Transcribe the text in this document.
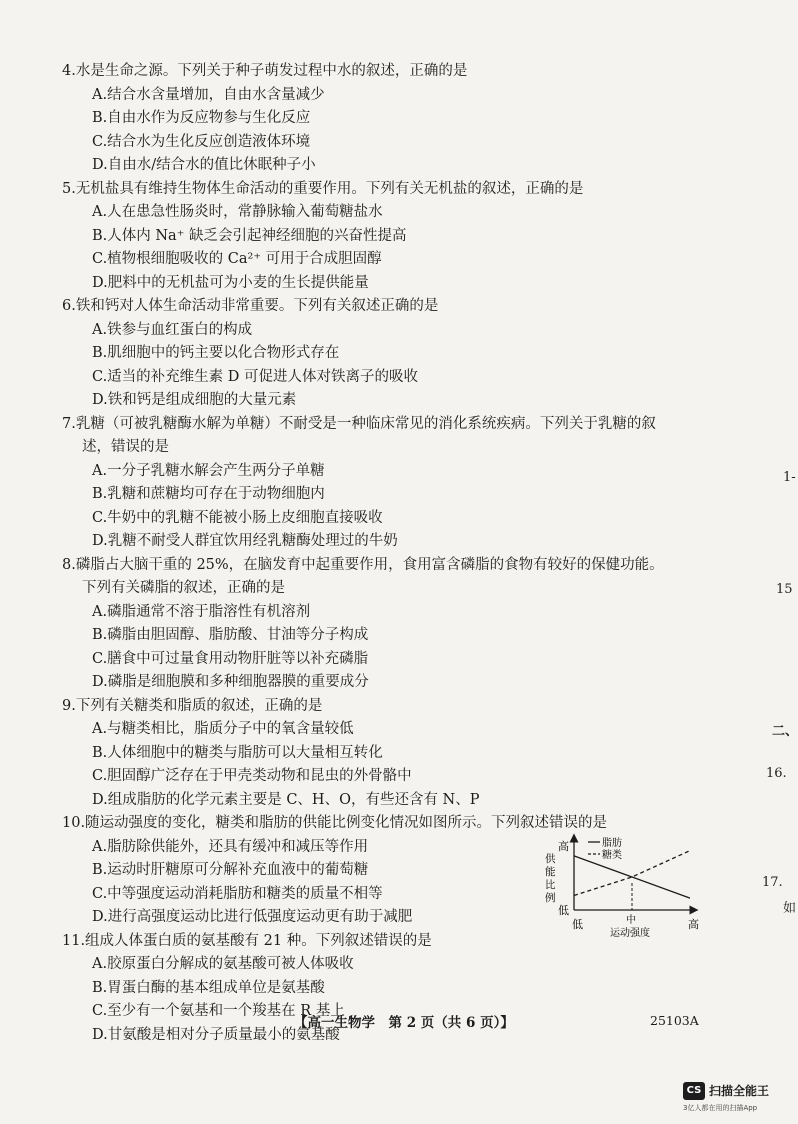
4.水是生命之源。下列关于种子萌发过程中水的叙述，正确的是
A.结合水含量增加，自由水含量减少
B.自由水作为反应物参与生化反应
C.结合水为生化反应创造液体环境
D.自由水/结合水的值比休眠种子小
5.无机盐具有维持生物体生命活动的重要作用。下列有关无机盐的叙述，正确的是
A.人在患急性肠炎时，常静脉输入葡萄糖盐水
B.人体内 Na⁺ 缺乏会引起神经细胞的兴奋性提高
C.植物根细胞吸收的 Ca²⁺ 可用于合成胆固醇
D.肥料中的无机盐可为小麦的生长提供能量
6.铁和钙对人体生命活动非常重要。下列有关叙述正确的是
A.铁参与血红蛋白的构成
B.肌细胞中的钙主要以化合物形式存在
C.适当的补充维生素 D 可促进人体对铁离子的吸收
D.铁和钙是组成细胞的大量元素
7.乳糖（可被乳糖酶水解为单糖）不耐受是一种临床常见的消化系统疾病。下列关于乳糖的叙
述，错误的是
A.一分子乳糖水解会产生两分子单糖
B.乳糖和蔗糖均可存在于动物细胞内
C.牛奶中的乳糖不能被小肠上皮细胞直接吸收
D.乳糖不耐受人群宜饮用经乳糖酶处理过的牛奶
8.磷脂占大脑干重的 25%，在脑发育中起重要作用，食用富含磷脂的食物有较好的保健功能。
下列有关磷脂的叙述，正确的是
A.磷脂通常不溶于脂溶性有机溶剂
B.磷脂由胆固醇、脂肪酸、甘油等分子构成
C.膳食中可过量食用动物肝脏等以补充磷脂
D.磷脂是细胞膜和多种细胞器膜的重要成分
9.下列有关糖类和脂质的叙述，正确的是
A.与糖类相比，脂质分子中的氧含量较低
B.人体细胞中的糖类与脂肪可以大量相互转化
C.胆固醇广泛存在于甲壳类动物和昆虫的外骨骼中
D.组成脂肪的化学元素主要是 C、H、O，有些还含有 N、P
10.随运动强度的变化，糖类和脂肪的供能比例变化情况如图所示。下列叙述错误的是
A.脂肪除供能外，还具有缓冲和减压等作用
B.运动时肝糖原可分解补充血液中的葡萄糖
C.中等强度运动消耗脂肪和糖类的质量不相等
D.进行高强度运动比进行低强度运动更有助于减肥
11.组成人体蛋白质的氨基酸有 21 种。下列叙述错误的是
A.胶原蛋白分解成的氨基酸可被人体吸收
B.胃蛋白酶的基本组成单位是氨基酸
C.至少有一个氨基和一个羧基在 R 基上
D.甘氨酸是相对分子质量最小的氨基酸
脂肪
糖类
高
低
供 能 比 例
低	中	高
运动强度
1-
15
二、
16.
17.
如
【高一生物学　第 2 页（共 6 页）】	25103A
CS 扫描全能王
3亿人都在用的扫描App
